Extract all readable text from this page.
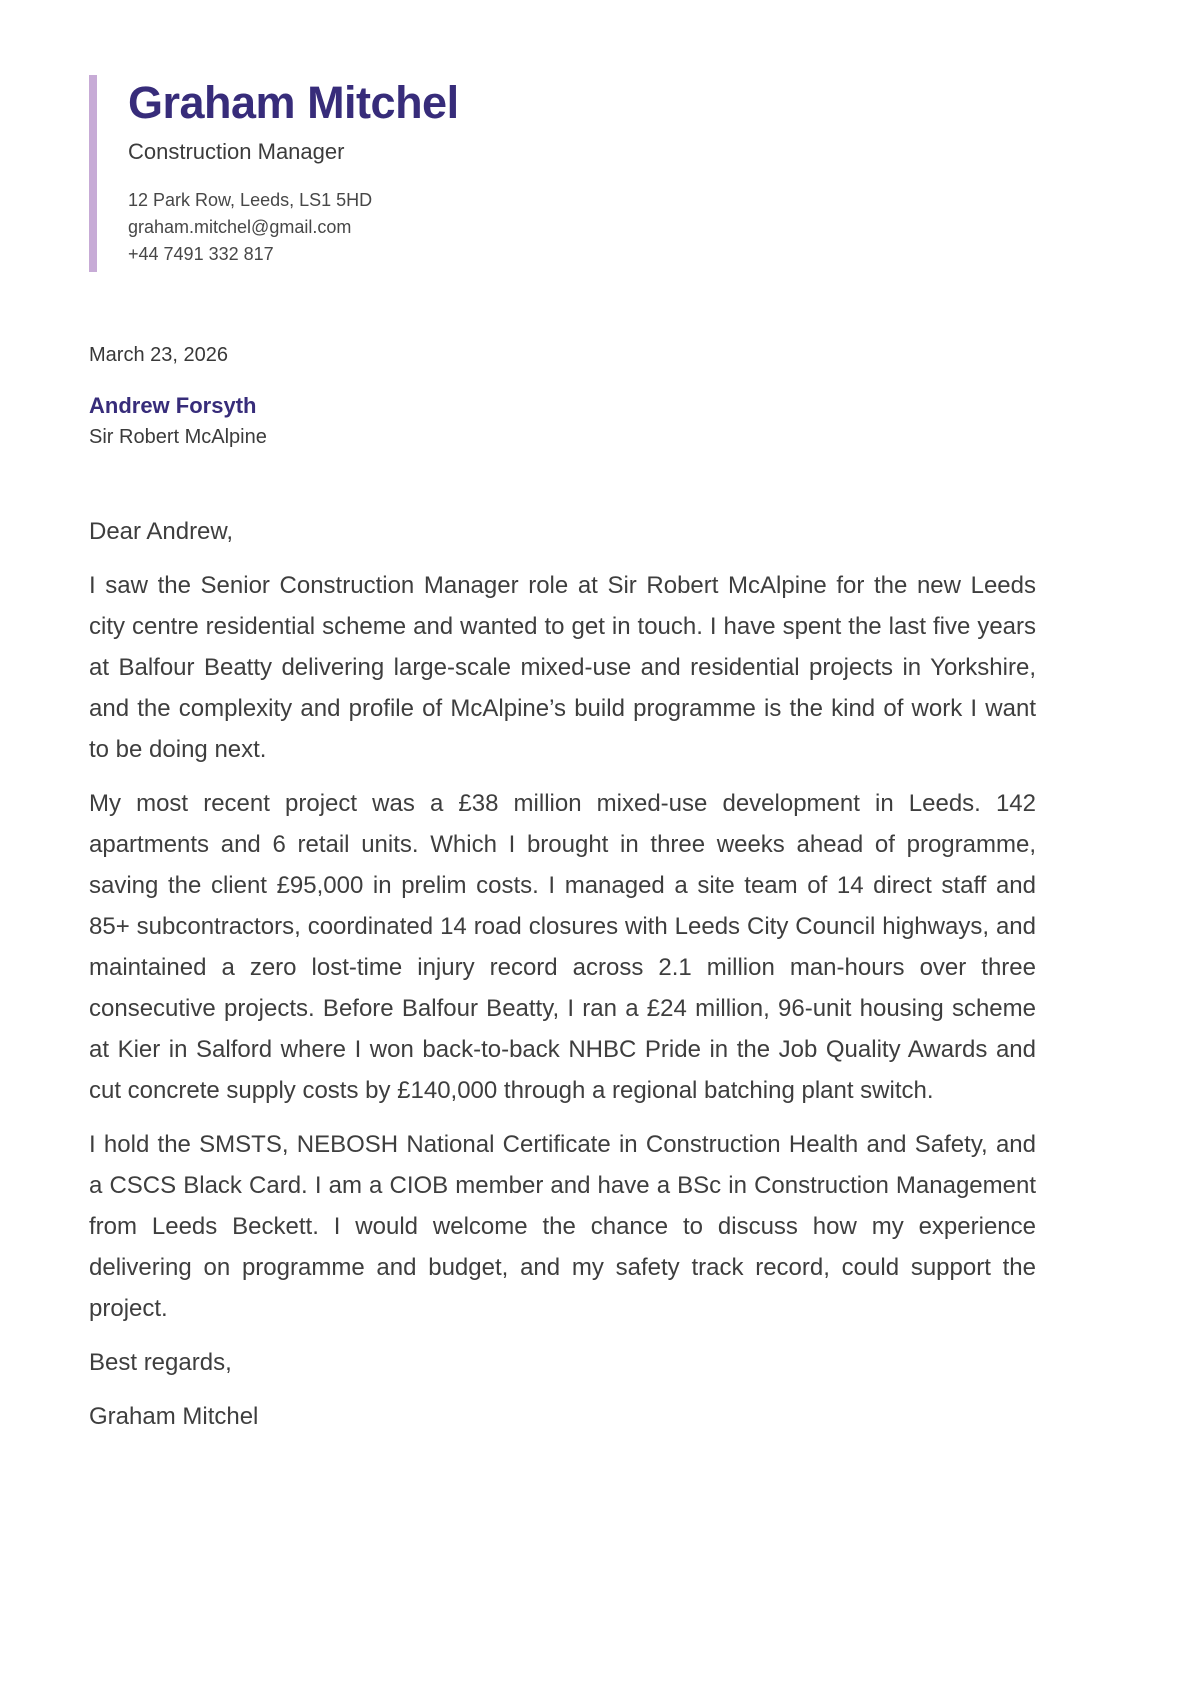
Graham Mitchel
Construction Manager
12 Park Row, Leeds, LS1 5HD
graham.mitchel@gmail.com
+44 7491 332 817
March 23, 2026
Andrew Forsyth
Sir Robert McAlpine

Dear Andrew,

I saw the Senior Construction Manager role at Sir Robert McAlpine for the new Leeds city centre residential scheme and wanted to get in touch. I have spent the last five years at Balfour Beatty delivering large-scale mixed-use and residential projects in Yorkshire, and the complexity and profile of McAlpine’s build programme is the kind of work I want to be doing next.

My most recent project was a £38 million mixed-use development in Leeds. 142 apartments and 6 retail units. Which I brought in three weeks ahead of programme, saving the client £95,000 in prelim costs. I managed a site team of 14 direct staff and 85+ subcontractors, coordinated 14 road closures with Leeds City Council highways, and maintained a zero lost-time injury record across 2.1 million man-hours over three consecutive projects. Before Balfour Beatty, I ran a £24 million, 96-unit housing scheme at Kier in Salford where I won back-to-back NHBC Pride in the Job Quality Awards and cut concrete supply costs by £140,000 through a regional batching plant switch.

I hold the SMSTS, NEBOSH National Certificate in Construction Health and Safety, and a CSCS Black Card. I am a CIOB member and have a BSc in Construction Management from Leeds Beckett. I would welcome the chance to discuss how my experience delivering on programme and budget, and my safety track record, could support the project.

Best regards,

Graham Mitchel
